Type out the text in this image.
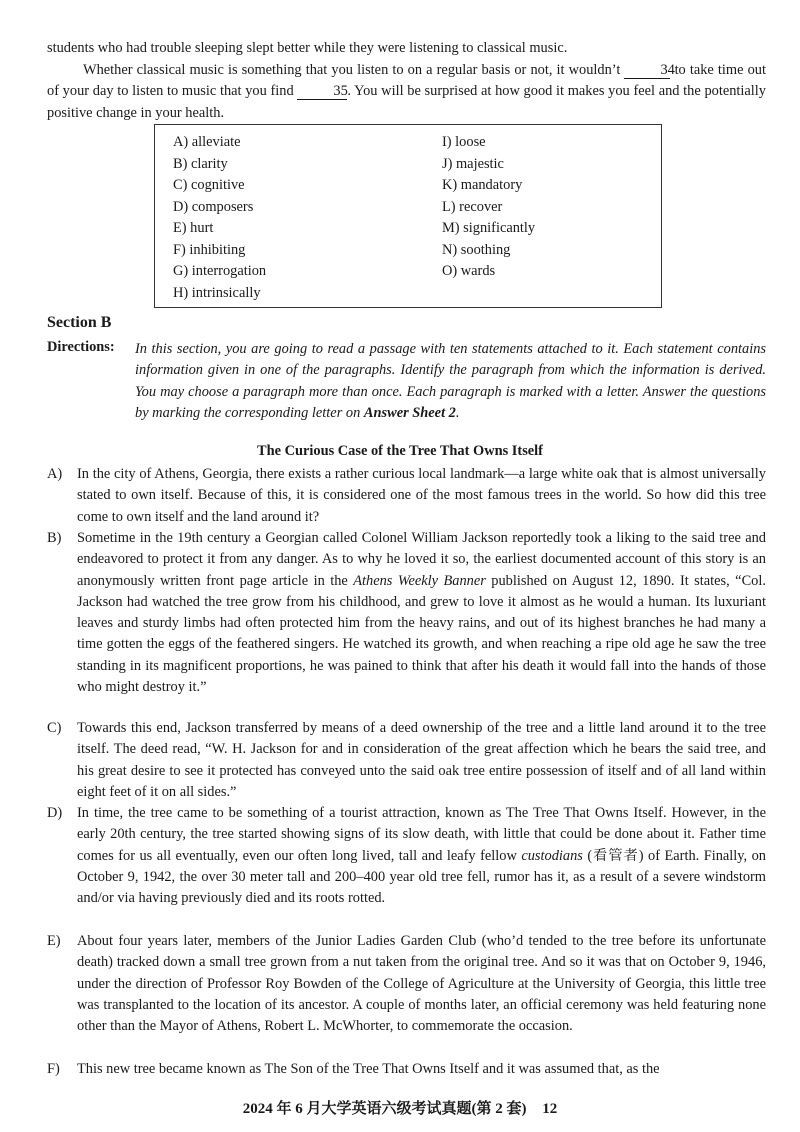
students who had trouble sleeping slept better while they were listening to classical music.

Whether classical music is something that you listen to on a regular basis or not, it wouldn’t	34 to take time out of your day to listen to music that you find	35. You will be surprised at how good it makes you feel and the potentially positive change in your health.

A) alleviate
B) clarity
C) cognitive
D) composers
E) hurt
F) inhibiting
G) interrogation
H) intrinsically
I) loose
J) majestic
K) mandatory
L) recover
M) significantly
N) soothing
O) wards
Section B
Directions: In this section, you are going to read a passage with ten statements attached to it. Each statement contains information given in one of the paragraphs. Identify the paragraph from which the information is derived. You may choose a paragraph more than once. Each paragraph is marked with a letter. Answer the questions by marking the corresponding letter on Answer Sheet 2.
The Curious Case of the Tree That Owns Itself
A)	In the city of Athens, Georgia, there exists a rather curious local landmark—a large white oak that is almost universally stated to own itself. Because of this, it is considered one of the most famous trees in the world. So how did this tree come to own itself and the land around it?
B)	Sometime in the 19th century a Georgian called Colonel William Jackson reportedly took a liking to the said tree and endeavored to protect it from any danger. As to why he loved it so, the earliest documented account of this story is an anonymously written front page article in the Athens Weekly Banner published on August 12, 1890. It states, “Col. Jackson had watched the tree grow from his childhood, and grew to love it almost as he would a human. Its luxuriant leaves and sturdy limbs had often protected him from the heavy rains, and out of its highest branches he had many a time gotten the eggs of the feathered singers. He watched its growth, and when reaching a ripe old age he saw the tree standing in its magnificent proportions, he was pained to think that after his death it would fall into the hands of those who might destroy it.”
C)	Towards this end, Jackson transferred by means of a deed ownership of the tree and a little land around it to the tree itself. The deed read, “W. H. Jackson for and in consideration of the great affection which he bears the said tree, and his great desire to see it protected has conveyed unto the said oak tree entire possession of itself and of all land within eight feet of it on all sides.”
D)	In time, the tree came to be something of a tourist attraction, known as The Tree That Owns Itself. However, in the early 20th century, the tree started showing signs of its slow death, with little that could be done about it. Father time comes for us all eventually, even our often long lived, tall and leafy fellow custodians (看管者) of Earth. Finally, on October 9, 1942, the over 30 meter tall and 200–400 year old tree fell, rumor has it, as a result of a severe windstorm and/or via having previously died and its roots rotted.
E)	About four years later, members of the Junior Ladies Garden Club (who’d tended to the tree before its unfortunate death) tracked down a small tree grown from a nut taken from the original tree. And so it was that on October 9, 1946, under the direction of Professor Roy Bowden of the College of Agriculture at the University of Georgia, this little tree was transplanted to the location of its ancestor. A couple of months later, an official ceremony was held featuring none other than the Mayor of Athens, Robert L. McWhorter, to commemorate the occasion.
F)	This new tree became known as The Son of the Tree That Owns Itself and it was assumed that, as the
2024 年 6 月大学英语六级考试真题(第 2 套) 12
